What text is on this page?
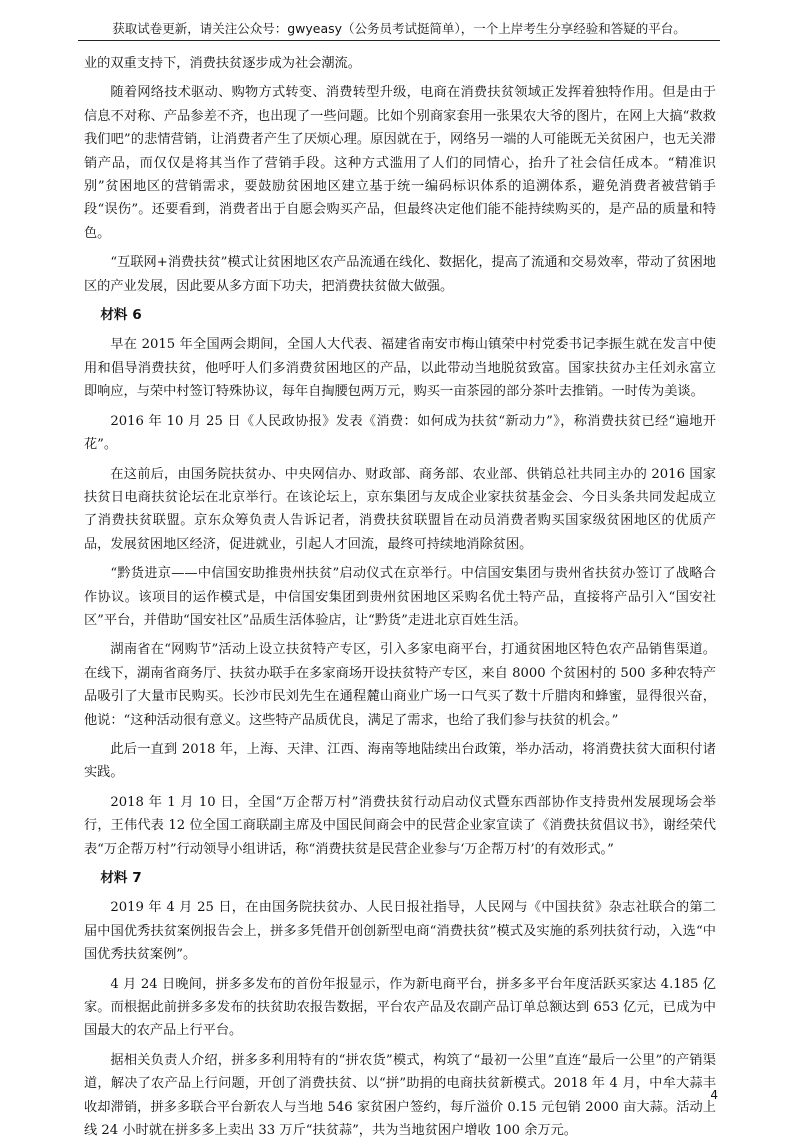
获取试卷更新，请关注公众号：gwyeasy（公务员考试挺简单），一个上岸考生分享经验和答疑的平台。

业的双重支持下，消费扶贫逐步成为社会潮流。

随着网络技术驱动、购物方式转变、消费转型升级，电商在消费扶贫领域正发挥着独特作用。但是由于信息不对称、产品参差不齐，也出现了一些问题。比如个别商家套用一张果农大爷的图片，在网上大搞“救救我们吧”的悲情营销，让消费者产生了厌烦心理。原因就在于，网络另一端的人可能既无关贫困户，也无关滞销产品，而仅仅是将其当作了营销手段。这种方式滥用了人们的同情心，抬升了社会信任成本。“精准识别”贫困地区的营销需求，要鼓励贫困地区建立基于统一编码标识体系的追溯体系，避免消费者被营销手段“误伤”。还要看到，消费者出于自愿会购买产品，但最终决定他们能不能持续购买的，是产品的质量和特色。

“互联网+消费扶贫”模式让贫困地区农产品流通在线化、数据化，提高了流通和交易效率，带动了贫困地区的产业发展，因此要从多方面下功夫，把消费扶贫做大做强。

材料 6

早在 2015 年全国两会期间，全国人大代表、福建省南安市梅山镇荣中村党委书记李振生就在发言中使用和倡导消费扶贫，他呼吁人们多消费贫困地区的产品，以此带动当地脱贫致富。国家扶贫办主任刘永富立即响应，与荣中村签订特殊协议，每年自掏腰包两万元，购买一亩茶园的部分茶叶去推销。一时传为美谈。

2016 年 10 月 25 日《人民政协报》发表《消费：如何成为扶贫“新动力”》，称消费扶贫已经“遍地开花”。

在这前后，由国务院扶贫办、中央网信办、财政部、商务部、农业部、供销总社共同主办的 2016 国家扶贫日电商扶贫论坛在北京举行。在该论坛上，京东集团与友成企业家扶贫基金会、今日头条共同发起成立了消费扶贫联盟。京东众筹负责人告诉记者，消费扶贫联盟旨在动员消费者购买国家级贫困地区的优质产品，发展贫困地区经济，促进就业，引起人才回流，最终可持续地消除贫困。

“黔货进京——中信国安助推贵州扶贫”启动仪式在京举行。中信国安集团与贵州省扶贫办签订了战略合作协议。该项目的运作模式是，中信国安集团到贵州贫困地区采购名优土特产品，直接将产品引入“国安社区”平台，并借助“国安社区”品质生活体验店，让“黔货”走进北京百姓生活。

湖南省在“网购节”活动上设立扶贫特产专区，引入多家电商平台，打通贫困地区特色农产品销售渠道。在线下，湖南省商务厅、扶贫办联手在多家商场开设扶贫特产专区，来自 8000 个贫困村的 500 多种农特产品吸引了大量市民购买。长沙市民刘先生在通程麓山商业广场一口气买了数十斤腊肉和蜂蜜，显得很兴奋，他说：“这种活动很有意义。这些特产品质优良，满足了需求，也给了我们参与扶贫的机会。”

此后一直到 2018 年，上海、天津、江西、海南等地陆续出台政策，举办活动，将消费扶贫大面积付诸实践。

2018 年 1 月 10 日，全国“万企帮万村”消费扶贫行动启动仪式暨东西部协作支持贵州发展现场会举行，王伟代表 12 位全国工商联副主席及中国民间商会中的民营企业家宣读了《消费扶贫倡议书》，谢经荣代表“万企帮万村”行动领导小组讲话，称“消费扶贫是民营企业参与‘万企帮万村’的有效形式。”

材料 7

2019 年 4 月 25 日，在由国务院扶贫办、人民日报社指导，人民网与《中国扶贫》杂志社联合的第二届中国优秀扶贫案例报告会上，拼多多凭借开创创新型电商“消费扶贫”模式及实施的系列扶贫行动，入选“中国优秀扶贫案例”。

4 月 24 日晚间，拼多多发布的首份年报显示，作为新电商平台，拼多多平台年度活跃买家达 4.185 亿家。而根据此前拼多多发布的扶贫助农报告数据，平台农产品及农副产品订单总额达到 653 亿元，已成为中国最大的农产品上行平台。

据相关负责人介绍，拼多多利用特有的“拼农货”模式，构筑了“最初一公里”直连“最后一公里”的产销渠道，解决了农产品上行问题，开创了消费扶贫、以“拼”助捐的电商扶贫新模式。2018 年 4 月，中牟大蒜丰收却滞销，拼多多联合平台新农人与当地 546 家贫困户签约，每斤溢价 0.15 元包销 2000 亩大蒜。活动上线 24 小时就在拼多多上卖出 33 万斤“扶贫蒜”，共为当地贫困户增收 100 余万元。

4
